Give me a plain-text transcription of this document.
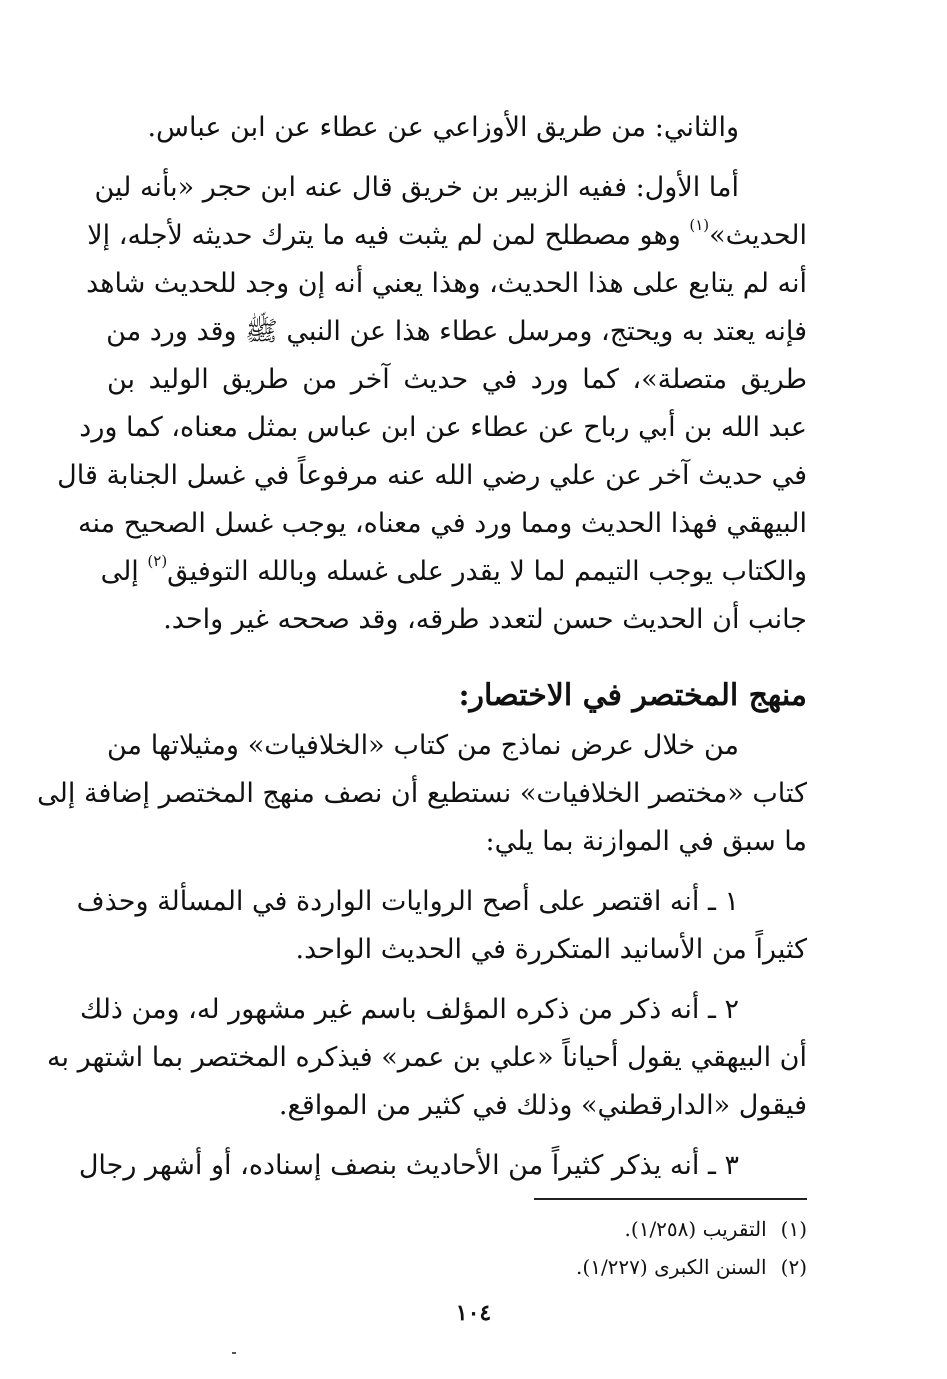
والثاني: من طريق الأوزاعي عن عطاء عن ابن عباس.
أما الأول: ففيه الزبير بن خريق قال عنه ابن حجر «بأنه لين
الحديث»$^{(١)}$ وهو مصطلح لمن لم يثبت فيه ما يترك حديثه لأجله، إلا
أنه لم يتابع على هذا الحديث، وهذا يعني أنه إن وجد للحديث شاهد
فإنه يعتد به ويحتج، ومرسل عطاء هذا عن النبي ﷺ وقد ورد من
طريق متصلة»، كما ورد في حديث آخر من طريق الوليد بن
عبد الله بن أبي رباح عن عطاء عن ابن عباس بمثل معناه، كما ورد
في حديث آخر عن علي رضي الله عنه مرفوعاً في غسل الجنابة قال
البيهقي فهذا الحديث ومما ورد في معناه، يوجب غسل الصحيح منه
والكتاب يوجب التيمم لما لا يقدر على غسله وبالله التوفيق$^{(٢)}$ إلى
جانب أن الحديث حسن لتعدد طرقه، وقد صححه غير واحد.
منهج المختصر في الاختصار:
من خلال عرض نماذج من كتاب «الخلافيات» ومثيلاتها من
كتاب «مختصر الخلافيات» نستطيع أن نصف منهج المختصر إضافة إلى
ما سبق في الموازنة بما يلي:
١ ـ أنه اقتصر على أصح الروايات الواردة في المسألة وحذف
كثيراً من الأسانيد المتكررة في الحديث الواحد.
٢ ـ أنه ذكر من ذكره المؤلف باسم غير مشهور له، ومن ذلك
أن البيهقي يقول أحياناً «علي بن عمر» فيذكره المختصر بما اشتهر به
فيقول «الدارقطني» وذلك في كثير من المواقع.
٣ ـ أنه يذكر كثيراً من الأحاديث بنصف إسناده، أو أشهر رجال
(١)التقريب (١/٢٥٨).
(٢)السنن الكبرى (١/٢٢٧).
١٠٤
